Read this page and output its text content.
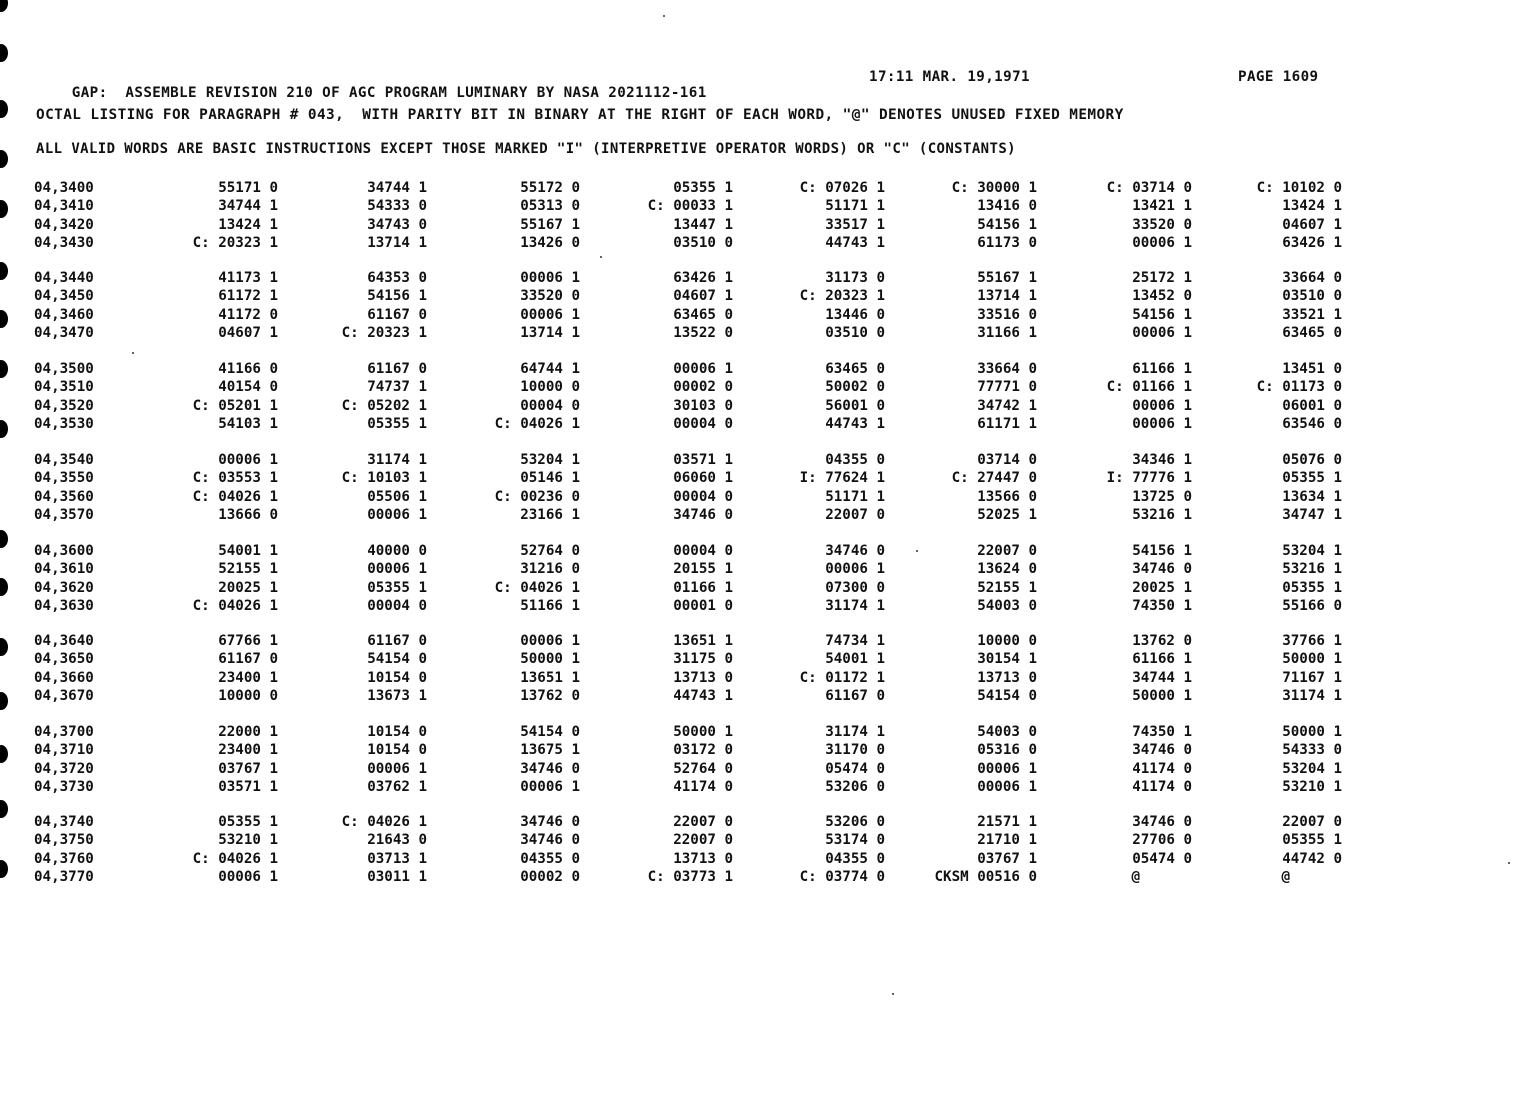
GAP:  ASSEMBLE REVISION 210 OF AGC PROGRAM LUMINARY BY NASA 2021112-161

17:11 MAR. 19,1971

	PAGE 1609

OCTAL LISTING FOR PARAGRAPH # 043,  WITH PARITY BIT IN BINARY AT THE RIGHT OF EACH WORD, "@" DENOTES UNUSED FIXED MEMORY
ALL VALID WORDS ARE BASIC INSTRUCTIONS EXCEPT THOSE MARKED "I" (INTERPRETIVE OPERATOR WORDS) OR "C" (CONSTANTS)
04,3400	55171 0	34744 1	55172 0	05355 1	C: 07026 1	C: 30000 1	C: 03714 0	C: 10102 0
04,3410	34744 1	54333 0	05313 0	C: 00033 1	51171 1	13416 0	13421 1	13424 1
04,3420	13424 1	34743 0	55167 1	13447 1	33517 1	54156 1	33520 0	04607 1
04,3430	C: 20323 1	13714 1	13426 0	03510 0	44743 1	61173 0	00006 1	63426 1
04,3440	41173 1	64353 0	00006 1	63426 1	31173 0	55167 1	25172 1	33664 0
04,3450	61172 1	54156 1	33520 0	04607 1	C: 20323 1	13714 1	13452 0	03510 0
04,3460	41172 0	61167 0	00006 1	63465 0	13446 0	33516 0	54156 1	33521 1
04,3470	04607 1	C: 20323 1	13714 1	13522 0	03510 0	31166 1	00006 1	63465 0
04,3500	41166 0	61167 0	64744 1	00006 1	63465 0	33664 0	61166 1	13451 0
04,3510	40154 0	74737 1	10000 0	00002 0	50002 0	77771 0	C: 01166 1	C: 01173 0
04,3520	C: 05201 1	C: 05202 1	00004 0	30103 0	56001 0	34742 1	00006 1	06001 0
04,3530	54103 1	05355 1	C: 04026 1	00004 0	44743 1	61171 1	00006 1	63546 0
04,3540	00006 1	31174 1	53204 1	03571 1	04355 0	03714 0	34346 1	05076 0
04,3550	C: 03553 1	C: 10103 1	05146 1	06060 1	I: 77624 1	C: 27447 0	I: 77776 1	05355 1
04,3560	C: 04026 1	05506 1	C: 00236 0	00004 0	51171 1	13566 0	13725 0	13634 1
04,3570	13666 0	00006 1	23166 1	34746 0	22007 0	52025 1	53216 1	34747 1
04,3600	54001 1	40000 0	52764 0	00004 0	34746 0	22007 0	54156 1	53204 1
04,3610	52155 1	00006 1	31216 0	20155 1	00006 1	13624 0	34746 0	53216 1
04,3620	20025 1	05355 1	C: 04026 1	01166 1	07300 0	52155 1	20025 1	05355 1
04,3630	C: 04026 1	00004 0	51166 1	00001 0	31174 1	54003 0	74350 1	55166 0
04,3640	67766 1	61167 0	00006 1	13651 1	74734 1	10000 0	13762 0	37766 1
04,3650	61167 0	54154 0	50000 1	31175 0	54001 1	30154 1	61166 1	50000 1
04,3660	23400 1	10154 0	13651 1	13713 0	C: 01172 1	13713 0	34744 1	71167 1
04,3670	10000 0	13673 1	13762 0	44743 1	61167 0	54154 0	50000 1	31174 1
04,3700	22000 1	10154 0	54154 0	50000 1	31174 1	54003 0	74350 1	50000 1
04,3710	23400 1	10154 0	13675 1	03172 0	31170 0	05316 0	34746 0	54333 0
04,3720	03767 1	00006 1	34746 0	52764 0	05474 0	00006 1	41174 0	53204 1
04,3730	03571 1	03762 1	00006 1	41174 0	53206 0	00006 1	41174 0	53210 1
04,3740	05355 1	C: 04026 1	34746 0	22007 0	53206 0	21571 1	34746 0	22007 0
04,3750	53210 1	21643 0	34746 0	22007 0	53174 0	21710 1	27706 0	05355 1
04,3760	C: 04026 1	03713 1	04355 0	13713 0	04355 0	03767 1	05474 0	44742 0
04,3770	00006 1	03011 1	00002 0	C: 03773 1	C: 03774 0	CKSM 00516 0	@	@
